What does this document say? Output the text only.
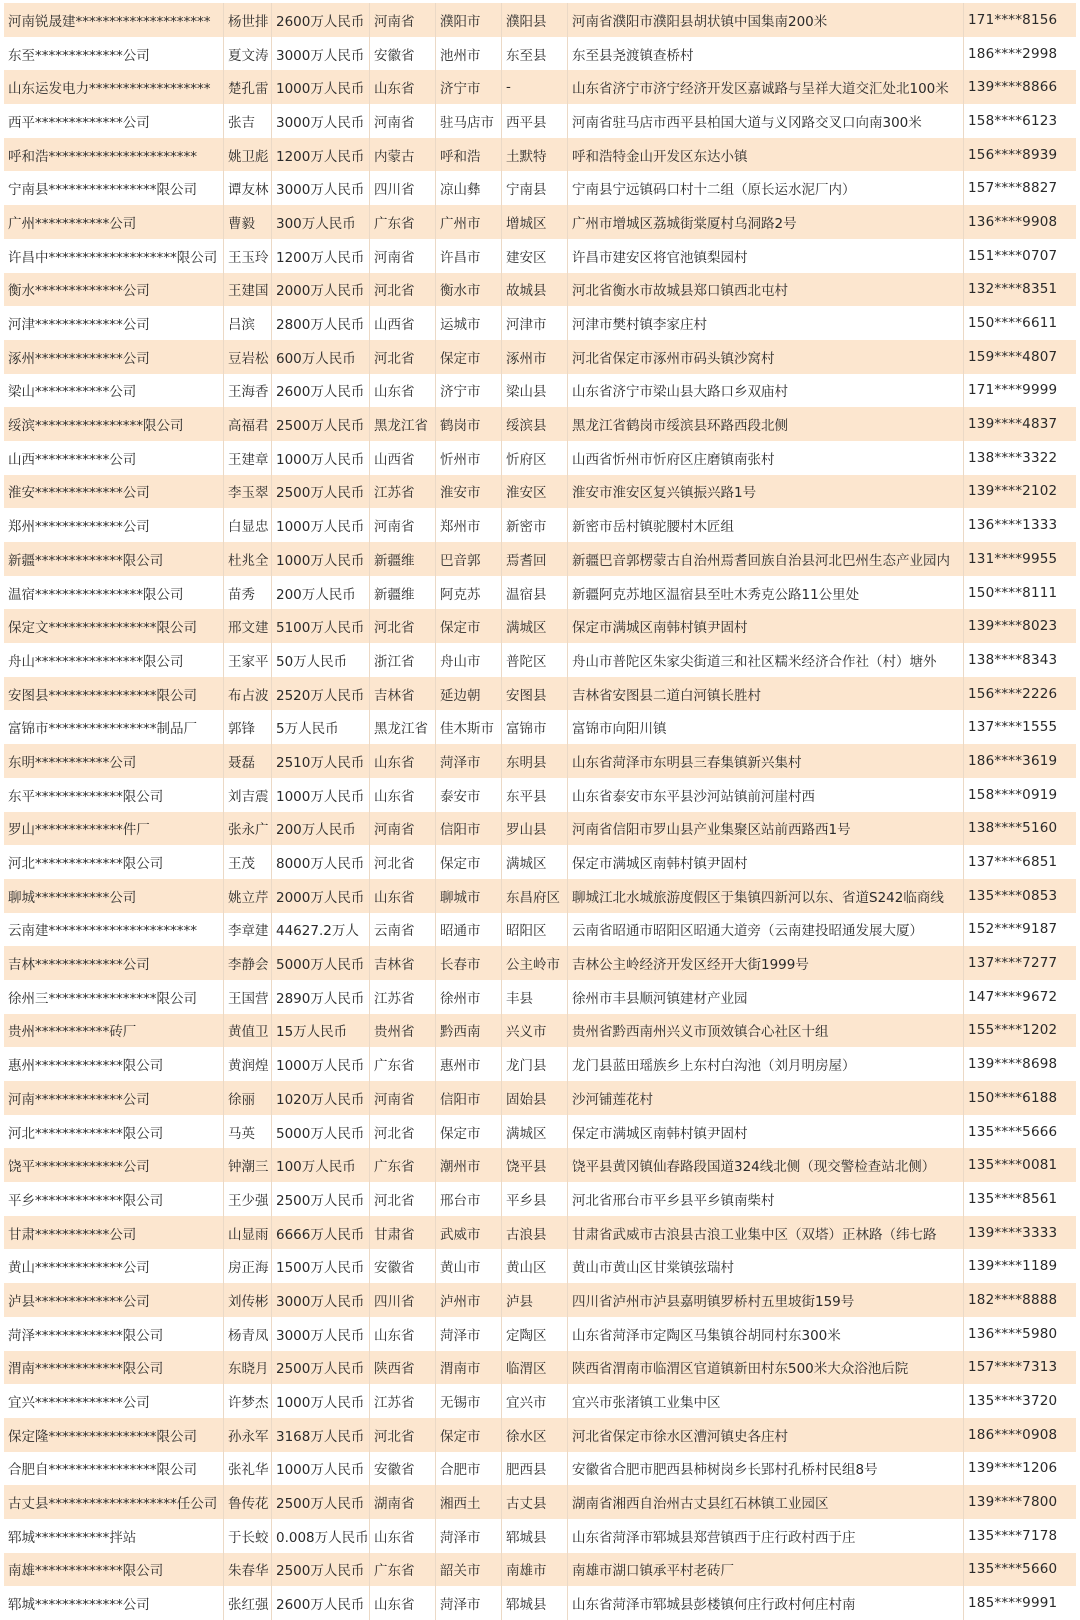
河南锐晟建********************	杨世排 2600万人民币 河南省	濮阳市	濮阳县	河南省濮阳市濮阳县胡状镇中国集南200米	171****8156
东至*************公司	夏文涛 3000万人民币 安徽省	池州市	东至县	东至县尧渡镇查桥村	186****2998
山东运发电力******************	楚孔雷 1000万人民币 山东省	济宁市	-	山东省济宁市济宁经济开发区嘉诚路与呈祥大道交汇处北100米	139****8866
西平*************公司	张吉	3000万人民币 河南省	驻马店市 西平县	河南省驻马店市西平县柏国大道与义冈路交叉口向南300米	158****6123
呼和浩**********************	姚卫彪 1200万人民币 内蒙古	呼和浩	土默特	呼和浩特金山开发区东达小镇	156****8939
宁南县****************限公司	谭友林 3000万人民币 四川省	凉山彝	宁南县	宁南县宁远镇码口村十二组（原长运水泥厂内）	157****8827
广州***********公司	曹毅	300万人民币	广东省	广州市	增城区	广州市增城区荔城街棠厦村乌洞路2号	136****9908
许昌中*******************限公司 王玉玲 1200万人民币 河南省	许昌市	建安区	许昌市建安区将官池镇梨园村	151****0707
衡水*************公司	王建国 2000万人民币 河北省	衡水市	故城县	河北省衡水市故城县郑口镇西北屯村	132****8351
河津*************公司	吕滨	2800万人民币 山西省	运城市	河津市	河津市樊村镇李家庄村	150****6611
涿州*************公司	豆岩松 600万人民币	河北省	保定市	涿州市	河北省保定市涿州市码头镇沙窝村	159****4807
梁山***********公司	王海香 2600万人民币 山东省	济宁市	梁山县	山东省济宁市梁山县大路口乡双庙村	171****9999
绥滨****************限公司	高福君 2500万人民币 黑龙江省 鹤岗市	绥滨县	黑龙江省鹤岗市绥滨县环路西段北侧	139****4837
山西***********公司	王建章 1000万人民币 山西省	忻州市	忻府区	山西省忻州市忻府区庄磨镇南张村	138****3322
淮安*************公司	李玉翠 2500万人民币 江苏省	淮安市	淮安区	淮安市淮安区复兴镇振兴路1号	139****2102
郑州*************公司	白显忠 1000万人民币 河南省	郑州市	新密市	新密市岳村镇驼腰村木匠组	136****1333
新疆*************限公司	杜兆全 1000万人民币 新疆维	巴音郭	焉耆回	新疆巴音郭楞蒙古自治州焉耆回族自治县河北巴州生态产业园内	131****9955
温宿****************限公司	苗秀	200万人民币	新疆维	阿克苏	温宿县	新疆阿克苏地区温宿县至吐木秀克公路11公里处	150****8111
保定文****************限公司	邢文建 5100万人民币 河北省	保定市	满城区	保定市满城区南韩村镇尹固村	139****8023
舟山****************限公司	王家平 50万人民币	浙江省	舟山市	普陀区	舟山市普陀区朱家尖街道三和社区糯米经济合作社（村）塘外	138****8343
安图县****************限公司	布占波 2520万人民币 吉林省	延边朝	安图县	吉林省安图县二道白河镇长胜村	156****2226
富锦市****************制品厂	郭锋	5万人民币	黑龙江省 佳木斯市 富锦市	富锦市向阳川镇	137****1555
东明***********公司	聂磊	2510万人民币 山东省	菏泽市	东明县	山东省菏泽市东明县三春集镇新兴集村	186****3619
东平*************限公司	刘吉震 1000万人民币 山东省	泰安市	东平县	山东省泰安市东平县沙河站镇前河崖村西	158****0919
罗山*************件厂	张永广 200万人民币	河南省	信阳市	罗山县	河南省信阳市罗山县产业集聚区站前西路西1号	138****5160
河北*************限公司	王茂	8000万人民币 河北省	保定市	满城区	保定市满城区南韩村镇尹固村	137****6851
聊城***********公司	姚立芹 2000万人民币 山东省	聊城市	东昌府区 聊城江北水城旅游度假区于集镇四新河以东、省道S242临商线	135****0853
云南建**********************	李章建 44627.2万人	云南省	昭通市	昭阳区	云南省昭通市昭阳区昭通大道旁（云南建投昭通发展大厦）	152****9187
吉林*************公司	李静会 5000万人民币 吉林省	长春市	公主岭市 吉林公主岭经济开发区经开大街1999号	137****7277
徐州三****************限公司	王国营 2890万人民币 江苏省	徐州市	丰县	徐州市丰县顺河镇建材产业园	147****9672
贵州***********砖厂	黄值卫 15万人民币	贵州省	黔西南	兴义市	贵州省黔西南州兴义市顶效镇合心社区十组	155****1202
惠州*************限公司	黄润煌 1000万人民币 广东省	惠州市	龙门县	龙门县蓝田瑶族乡上东村白沟池（刘月明房屋）	139****8698
河南*************公司	徐丽	1020万人民币 河南省	信阳市	固始县	沙河铺莲花村	150****6188
河北*************限公司	马英	5000万人民币 河北省	保定市	满城区	保定市满城区南韩村镇尹固村	135****5666
饶平*************公司	钟潮三 100万人民币	广东省	潮州市	饶平县	饶平县黄冈镇仙春路段国道324线北侧（现交警检查站北侧）	135****0081
平乡*************限公司	王少强 2500万人民币 河北省	邢台市	平乡县	河北省邢台市平乡县平乡镇南柴村	135****8561
甘肃***********公司	山显雨 6666万人民币 甘肃省	武威市	古浪县	甘肃省武威市古浪县古浪工业集中区（双塔）正林路（纬七路	139****3333
黄山*************公司	房正海 1500万人民币 安徽省	黄山市	黄山区	黄山市黄山区甘棠镇弦瑞村	139****1189
泸县*************公司	刘传彬 3000万人民币 四川省	泸州市	泸县	四川省泸州市泸县嘉明镇罗桥村五里坡街159号	182****8888
菏泽*************限公司	杨青凤 3000万人民币 山东省	菏泽市	定陶区	山东省菏泽市定陶区马集镇谷胡同村东300米	136****5980
渭南*************限公司	东晓月 2500万人民币 陕西省	渭南市	临渭区	陕西省渭南市临渭区官道镇新田村东500米大众浴池后院	157****7313
宜兴*************公司	许梦杰 1000万人民币 江苏省	无锡市	宜兴市	宜兴市张渚镇工业集中区	135****3720
保定隆****************限公司	孙永军 3168万人民币 河北省	保定市	徐水区	河北省保定市徐水区漕河镇史各庄村	186****0908
合肥自****************限公司	张礼华 1000万人民币 安徽省	合肥市	肥西县	安徽省合肥市肥西县柿树岗乡长郢村孔桥村民组8号	139****1206
古丈县*******************任公司 鲁传花 2500万人民币 湖南省	湘西土	古丈县	湖南省湘西自治州古丈县红石林镇工业园区	139****7800
郓城***********拌站	于长蛟 0.008万人民币 山东省	菏泽市	郓城县	山东省菏泽市郓城县郑营镇西于庄行政村西于庄	135****7178
南雄*************限公司	朱春华 2500万人民币 广东省	韶关市	南雄市	南雄市湖口镇承平村老砖厂	135****5660
郓城*************公司	张红强 2600万人民币 山东省	菏泽市	郓城县	山东省菏泽市郓城县彭楼镇何庄行政村何庄村南	185****9991
